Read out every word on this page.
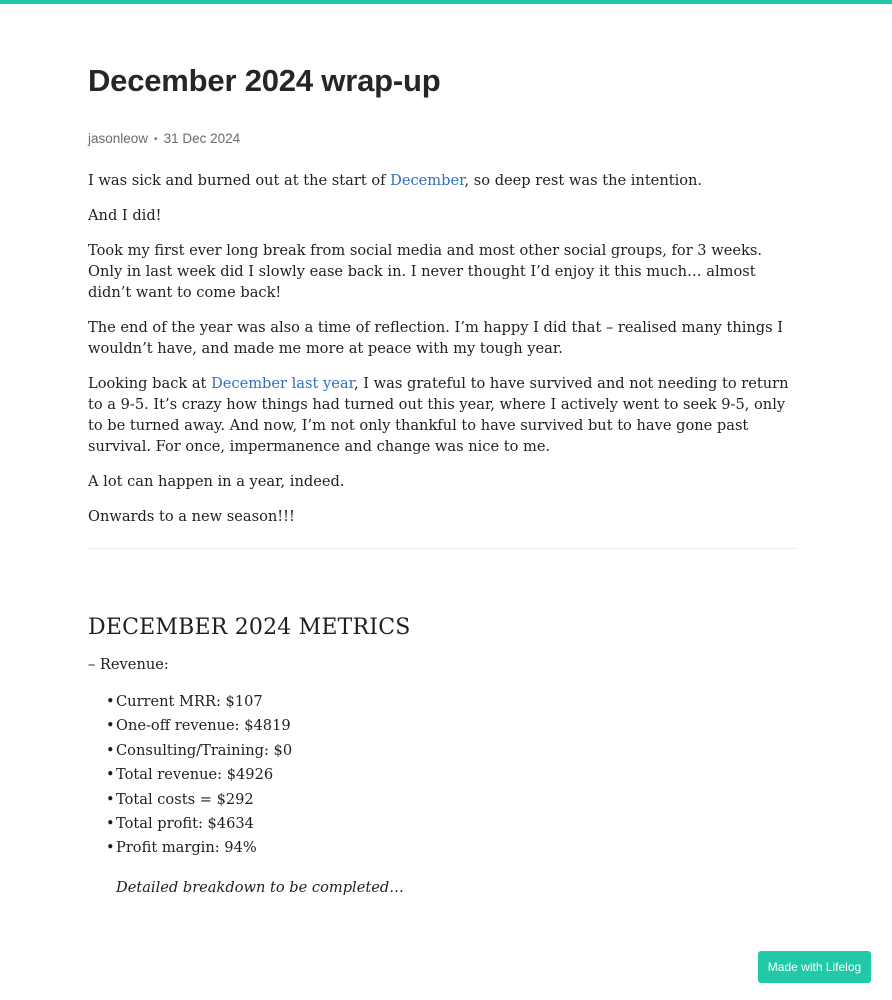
December 2024 wrap-up
jasonleow • 31 Dec 2024

I was sick and burned out at the start of December, so deep rest was the intention.

And I did!

Took my first ever long break from social media and most other social groups, for 3 weeks. Only in last week did I slowly ease back in. I never thought I’d enjoy it this much… almost didn’t want to come back!

The end of the year was also a time of reflection. I’m happy I did that – realised many things I wouldn’t have, and made me more at peace with my tough year.

Looking back at December last year, I was grateful to have survived and not needing to return to a 9-5. It’s crazy how things had turned out this year, where I actively went to seek 9-5, only to be turned away. And now, I’m not only thankful to have survived but to have gone past survival. For once, impermanence and change was nice to me.

A lot can happen in a year, indeed.

Onwards to a new season!!!

DECEMBER 2024 METRICS
– Revenue:
•Current MRR: $107
•One-off revenue: $4819
•Consulting/Training: $0
•Total revenue: $4926
•Total costs = $292
•Total profit: $4634
•Profit margin: 94%
Detailed breakdown to be completed…
Made with Lifelog
